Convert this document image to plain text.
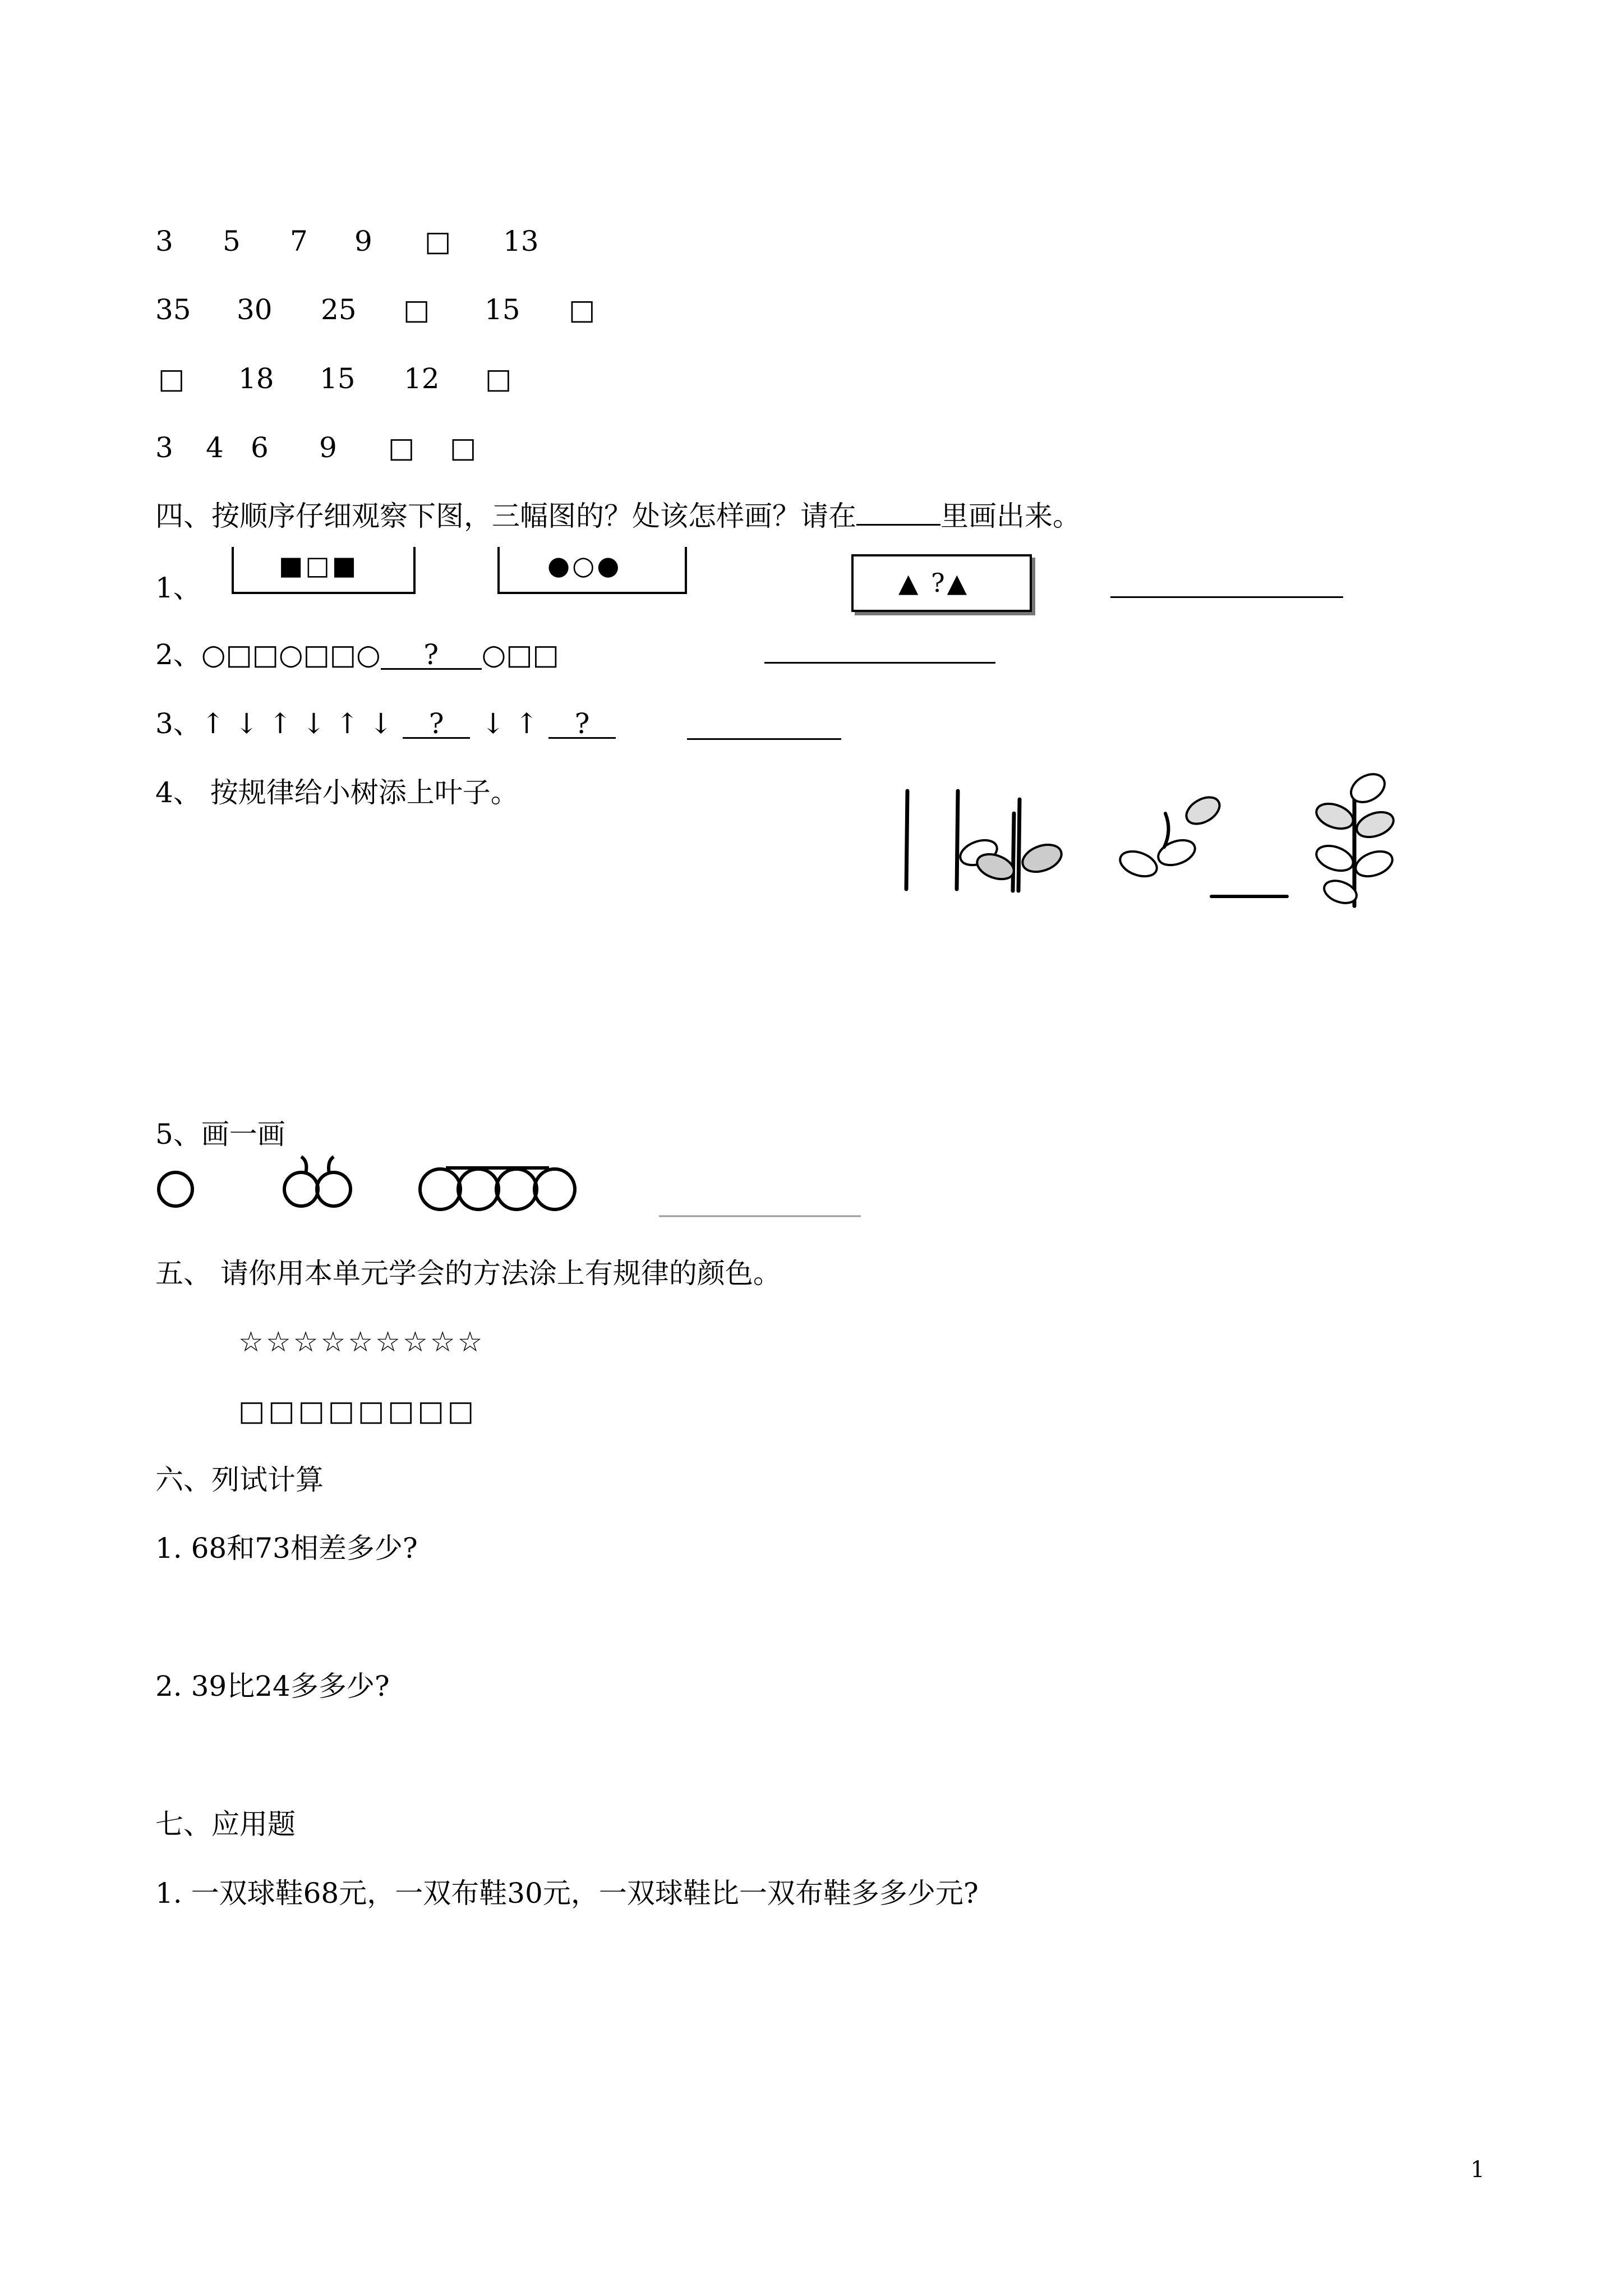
3 5 7 9 □ 13
35 30 25 □ 15 □
□ 18 15 12 □
3 4 6 9 □ □
四、按顺序仔细观察下图，三幅图的？处该怎样画？请在	里画出来。
1、
■□■	●○●
▲ ?▲
2、○□□○□□○ ? ○□□
3、↑↓↑↓↑↓ ? ↓↑ ?
4、 按规律给小树添上叶子。
5、画一画
五、 请你用本单元学会的方法涂上有规律的颜色。
☆☆☆☆☆☆☆☆☆
□□□□□□□□
六、列试计算
1. 68和73相差多少?
2. 39比24多多少?
七、应用题
1. 一双球鞋68元，一双布鞋30元，一双球鞋比一双布鞋多多少元?
1
